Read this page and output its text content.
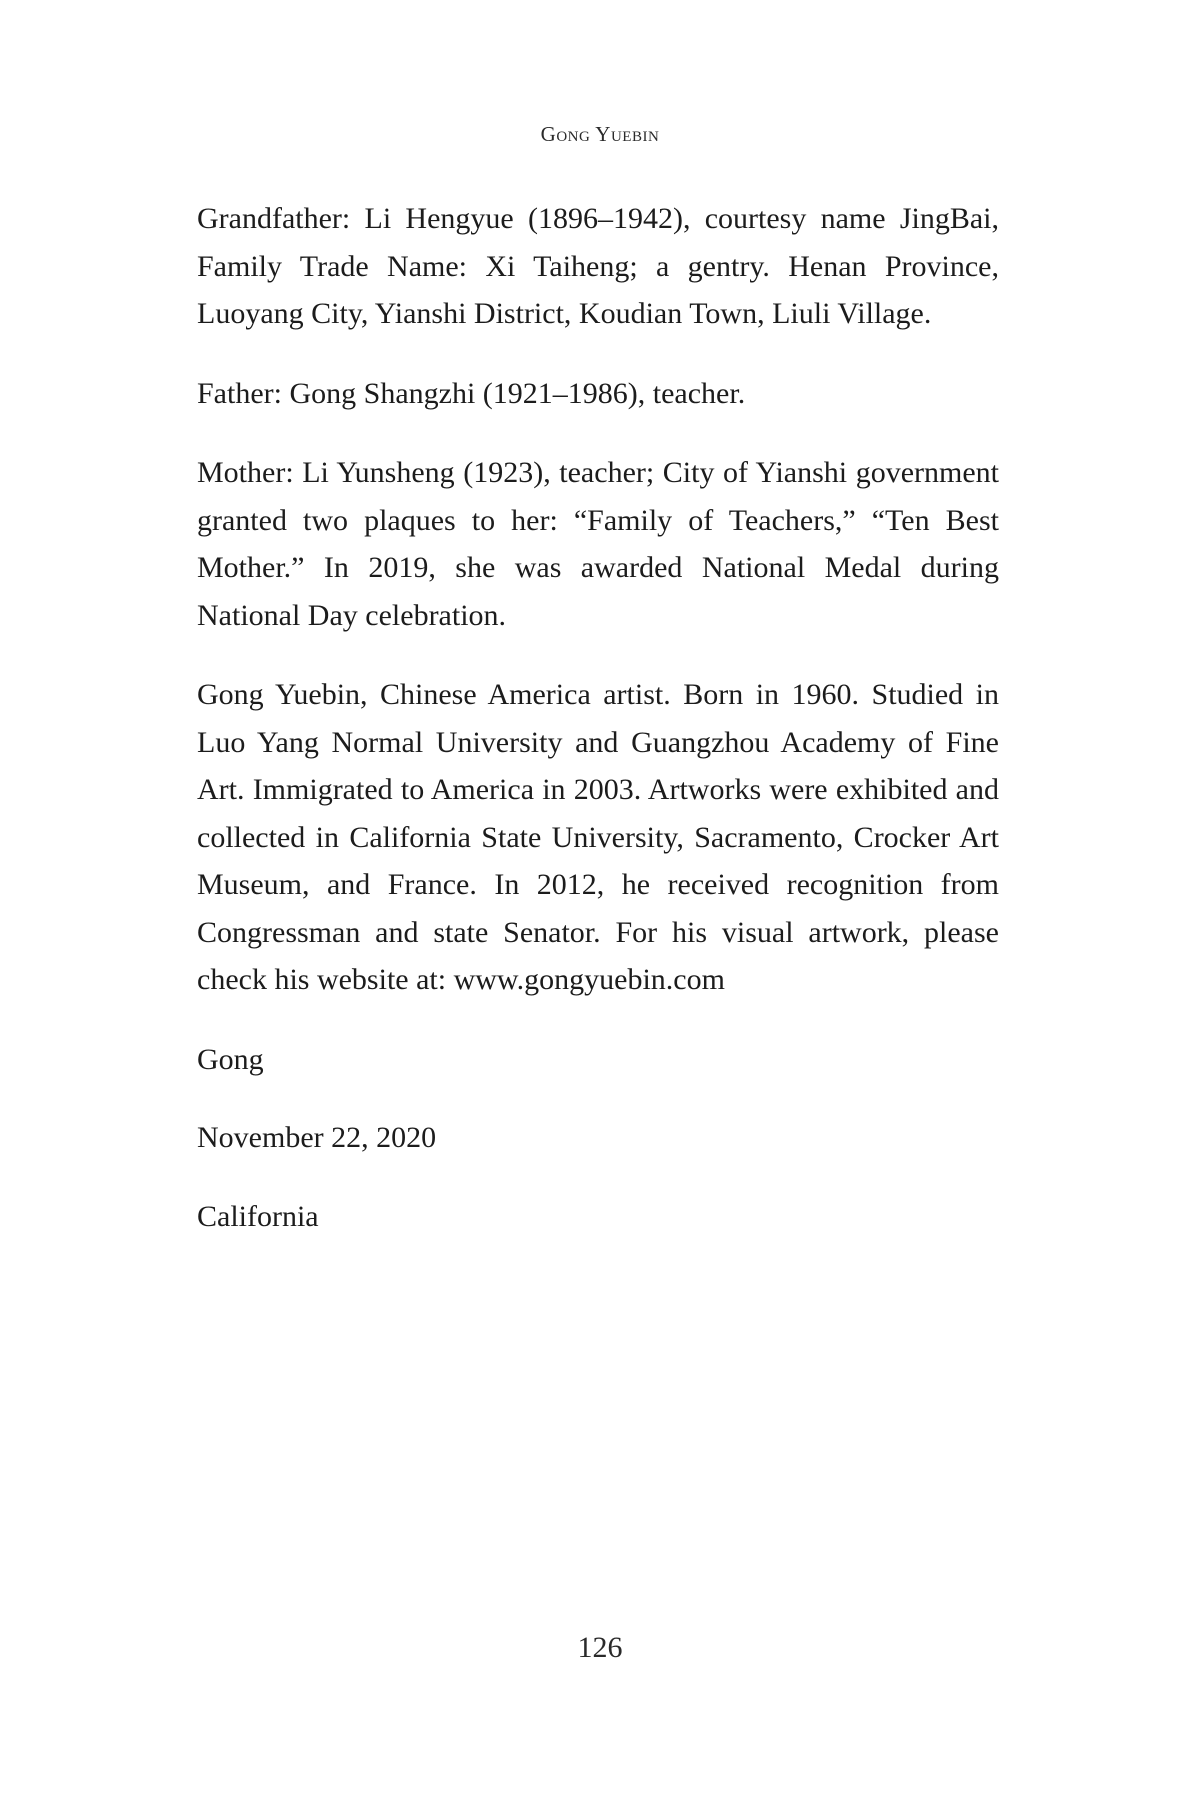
Gong Yuebin

Grandfather: Li Hengyue (1896–1942), courtesy name JingBai, Family Trade Name: Xi Taiheng; a gentry. Henan Province, Luoyang City, Yianshi District, Koudian Town, Liuli Village.

Father: Gong Shangzhi (1921–1986), teacher.

Mother: Li Yunsheng (1923), teacher; City of Yianshi government granted two plaques to her: “Family of Teachers,” “Ten Best Mother.” In 2019, she was awarded National Medal during National Day celebration.

Gong Yuebin, Chinese America artist. Born in 1960. Studied in Luo Yang Normal University and Guangzhou Academy of Fine Art. Immigrated to America in 2003. Artworks were exhibited and collected in California State University, Sacramento, Crocker Art Museum, and France. In 2012, he received recognition from Congressman and state Senator. For his visual artwork, please check his website at: www.gongyuebin.com

Gong

November 22, 2020

California

126
